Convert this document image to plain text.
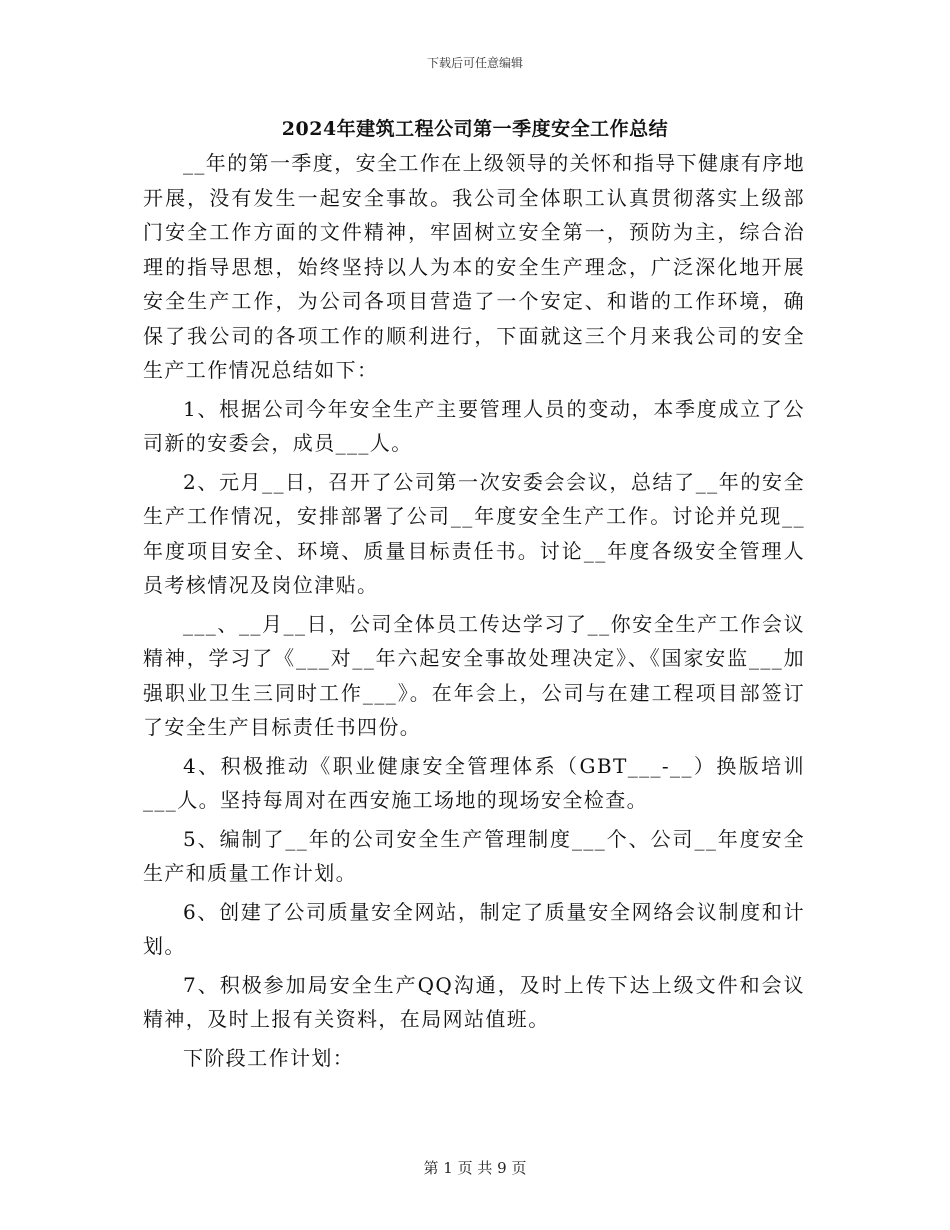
下载后可任意编辑
2024年建筑工程公司第一季度安全工作总结

__年的第一季度，安全工作在上级领导的关怀和指导下健康有序地开展，没有发生一起安全事故。我公司全体职工认真贯彻落实上级部门安全工作方面的文件精神，牢固树立安全第一，预防为主，综合治理的指导思想，始终坚持以人为本的安全生产理念，广泛深化地开展安全生产工作，为公司各项目营造了一个安定、和谐的工作环境，确保了我公司的各项工作的顺利进行，下面就这三个月来我公司的安全生产工作情况总结如下：

1、根据公司今年安全生产主要管理人员的变动，本季度成立了公司新的安委会，成员___人。

2、元月__日，召开了公司第一次安委会会议，总结了__年的安全生产工作情况，安排部署了公司__年度安全生产工作。讨论并兑现__年度项目安全、环境、质量目标责任书。讨论__年度各级安全管理人员考核情况及岗位津贴。

___、__月__日，公司全体员工传达学习了__你安全生产工作会议精神，学习了《___对__年六起安全事故处理决定》、《国家安监___加强职业卫生三同时工作___》。在年会上，公司与在建工程项目部签订了安全生产目标责任书四份。

4、积极推动《职业健康安全管理体系（GBT___-__）换版培训___人。坚持每周对在西安施工场地的现场安全检查。

5、编制了__年的公司安全生产管理制度___个、公司__年度安全生产和质量工作计划。

6、创建了公司质量安全网站，制定了质量安全网络会议制度和计划。

7、积极参加局安全生产QQ沟通，及时上传下达上级文件和会议精神，及时上报有关资料，在局网站值班。

下阶段工作计划：

第 1 页 共 9 页
